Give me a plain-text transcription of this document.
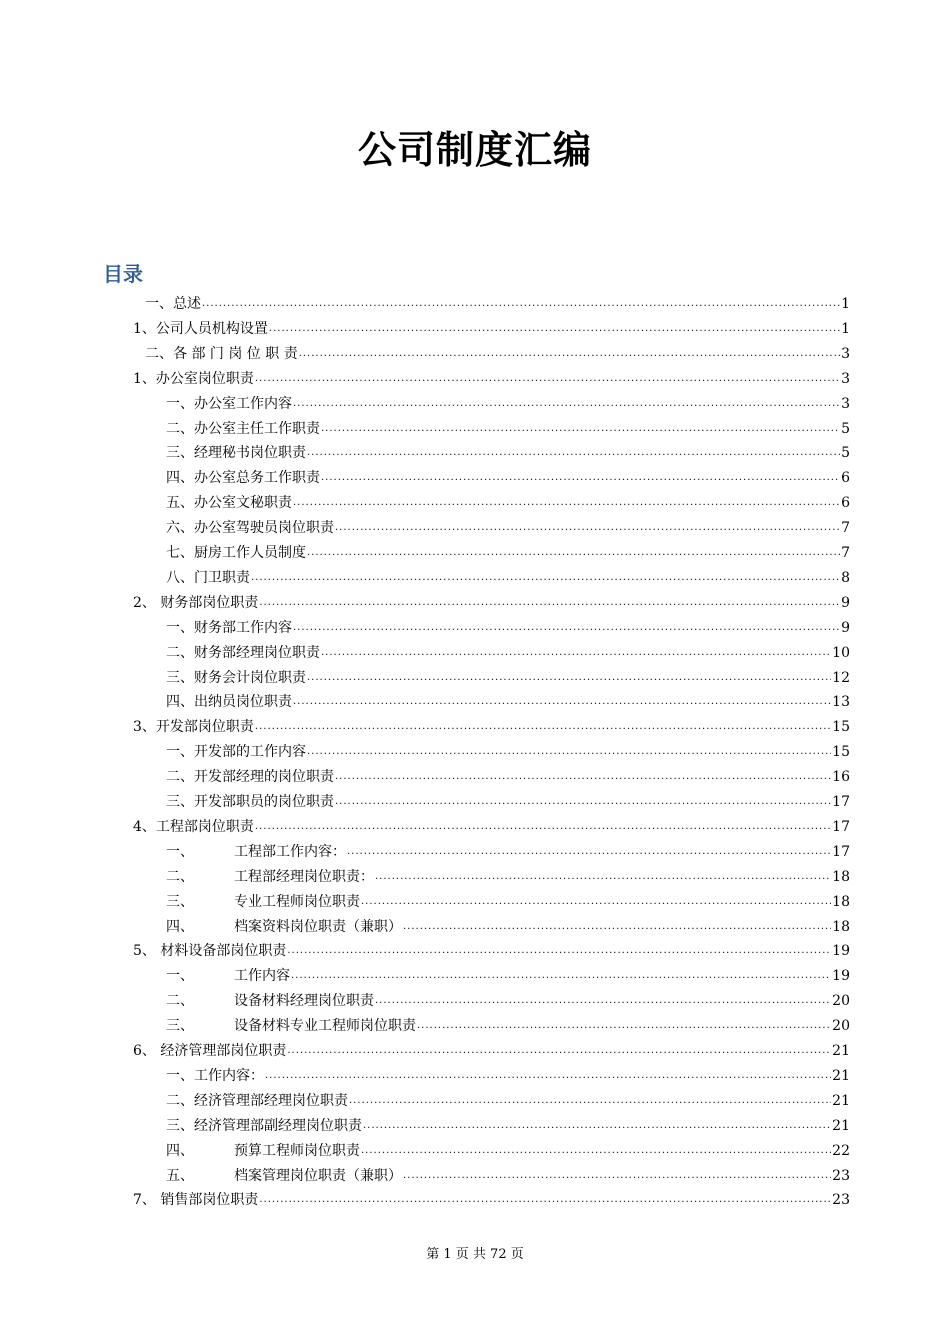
公司制度汇编
目录
一、总述 .....	1
1、公司人员机构设置 .....	1
二、各 部 门 岗 位 职 责 .....	3
1、办公室岗位职责 .....	3
一、办公室工作内容 .....	3
二、办公室主任工作职责 .....	5
三、经理秘书岗位职责 .....	5
四、办公室总务工作职责 .....	6
五、办公室文秘职责 .....	6
六、办公室驾驶员岗位职责 .....	7
七、厨房工作人员制度 .....	7
八、门卫职责 .....	8
2、 财务部岗位职责 .....	9
一、财务部工作内容 .....	9
二、财务部经理岗位职责 .....	10
三、财务会计岗位职责 .....	12
四、出纳员岗位职责 .....	13
3、开发部岗位职责 .....	15
一、开发部的工作内容 .....	15
二、开发部经理的岗位职责 .....	16
三、开发部职员的岗位职责 .....	17
4、工程部岗位职责 .....	17
一、	工程部工作内容： .....	17
二、	工程部经理岗位职责： .....	18
三、	专业工程师岗位职责 .....	18
四、	档案资料岗位职责（兼职） .....	18
5、 材料设备部岗位职责 .....	19
一、	工作内容 .....	19
二、	设备材料经理岗位职责 .....	20
三、	设备材料专业工程师岗位职责 .....	20
6、 经济管理部岗位职责 .....	21
一、工作内容： .....	21
二、经济管理部经理岗位职责 .....	21
三、经济管理部副经理岗位职责 .....	21
四、	预算工程师岗位职责 .....	22
五、	档案管理岗位职责（兼职） .....	23
7、 销售部岗位职责 .....	23
第 1 页 共 72 页
